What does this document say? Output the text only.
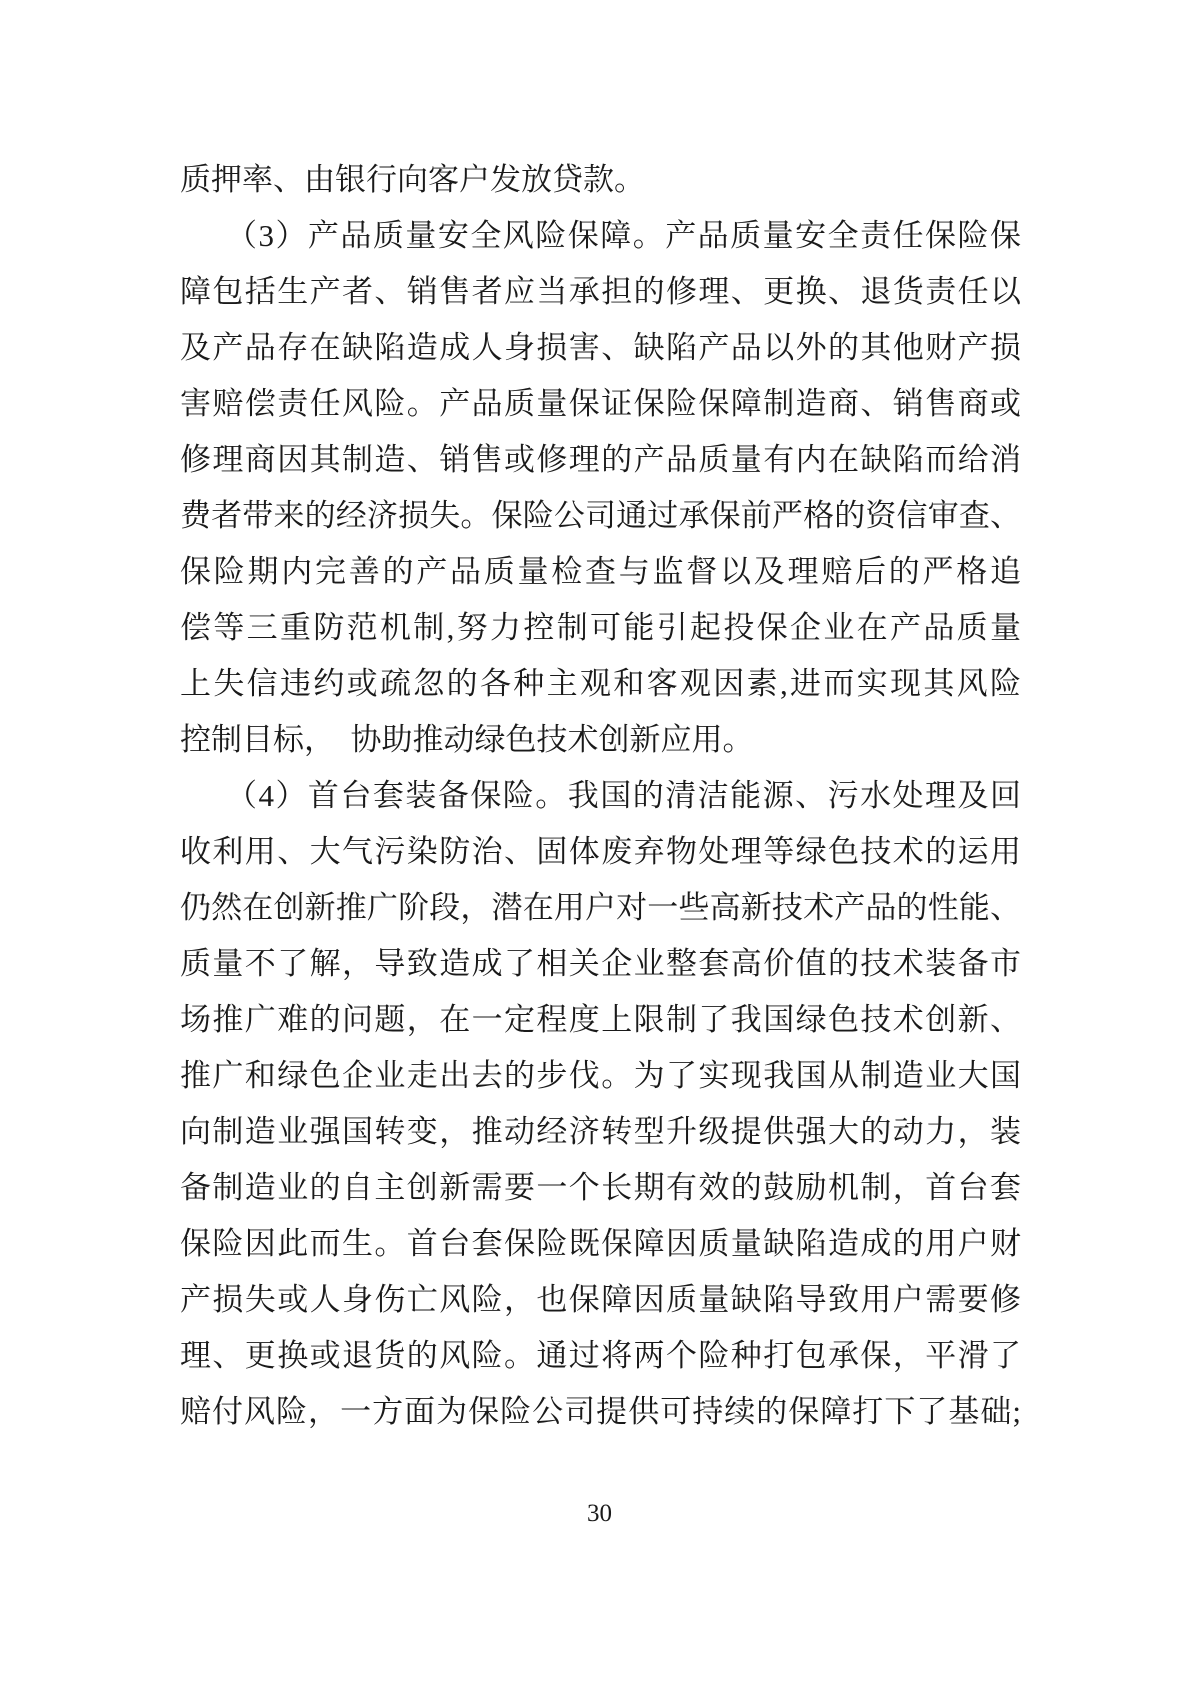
质押率、由银行向客户发放贷款。
（3）产品质量安全风险保障。产品质量安全责任保险保
障包括生产者、销售者应当承担的修理、更换、退货责任以
及产品存在缺陷造成人身损害、缺陷产品以外的其他财产损
害赔偿责任风险。产品质量保证保险保障制造商、销售商或
修理商因其制造、销售或修理的产品质量有内在缺陷而给消
费者带来的经济损失。保险公司通过承保前严格的资信审查、
保险期内完善的产品质量检查与监督以及理赔后的严格追
偿等三重防范机制,努力控制可能引起投保企业在产品质量
上失信违约或疏忽的各种主观和客观因素,进而实现其风险
控制目标，　协助推动绿色技术创新应用。
（4）首台套装备保险。我国的清洁能源、污水处理及回
收利用、大气污染防治、固体废弃物处理等绿色技术的运用
仍然在创新推广阶段，潜在用户对一些高新技术产品的性能、
质量不了解，导致造成了相关企业整套高价值的技术装备市
场推广难的问题，在一定程度上限制了我国绿色技术创新、
推广和绿色企业走出去的步伐。为了实现我国从制造业大国
向制造业强国转变，推动经济转型升级提供强大的动力，装
备制造业的自主创新需要一个长期有效的鼓励机制，首台套
保险因此而生。首台套保险既保障因质量缺陷造成的用户财
产损失或人身伤亡风险，也保障因质量缺陷导致用户需要修
理、更换或退货的风险。通过将两个险种打包承保，平滑了
赔付风险，一方面为保险公司提供可持续的保障打下了基础;
30
